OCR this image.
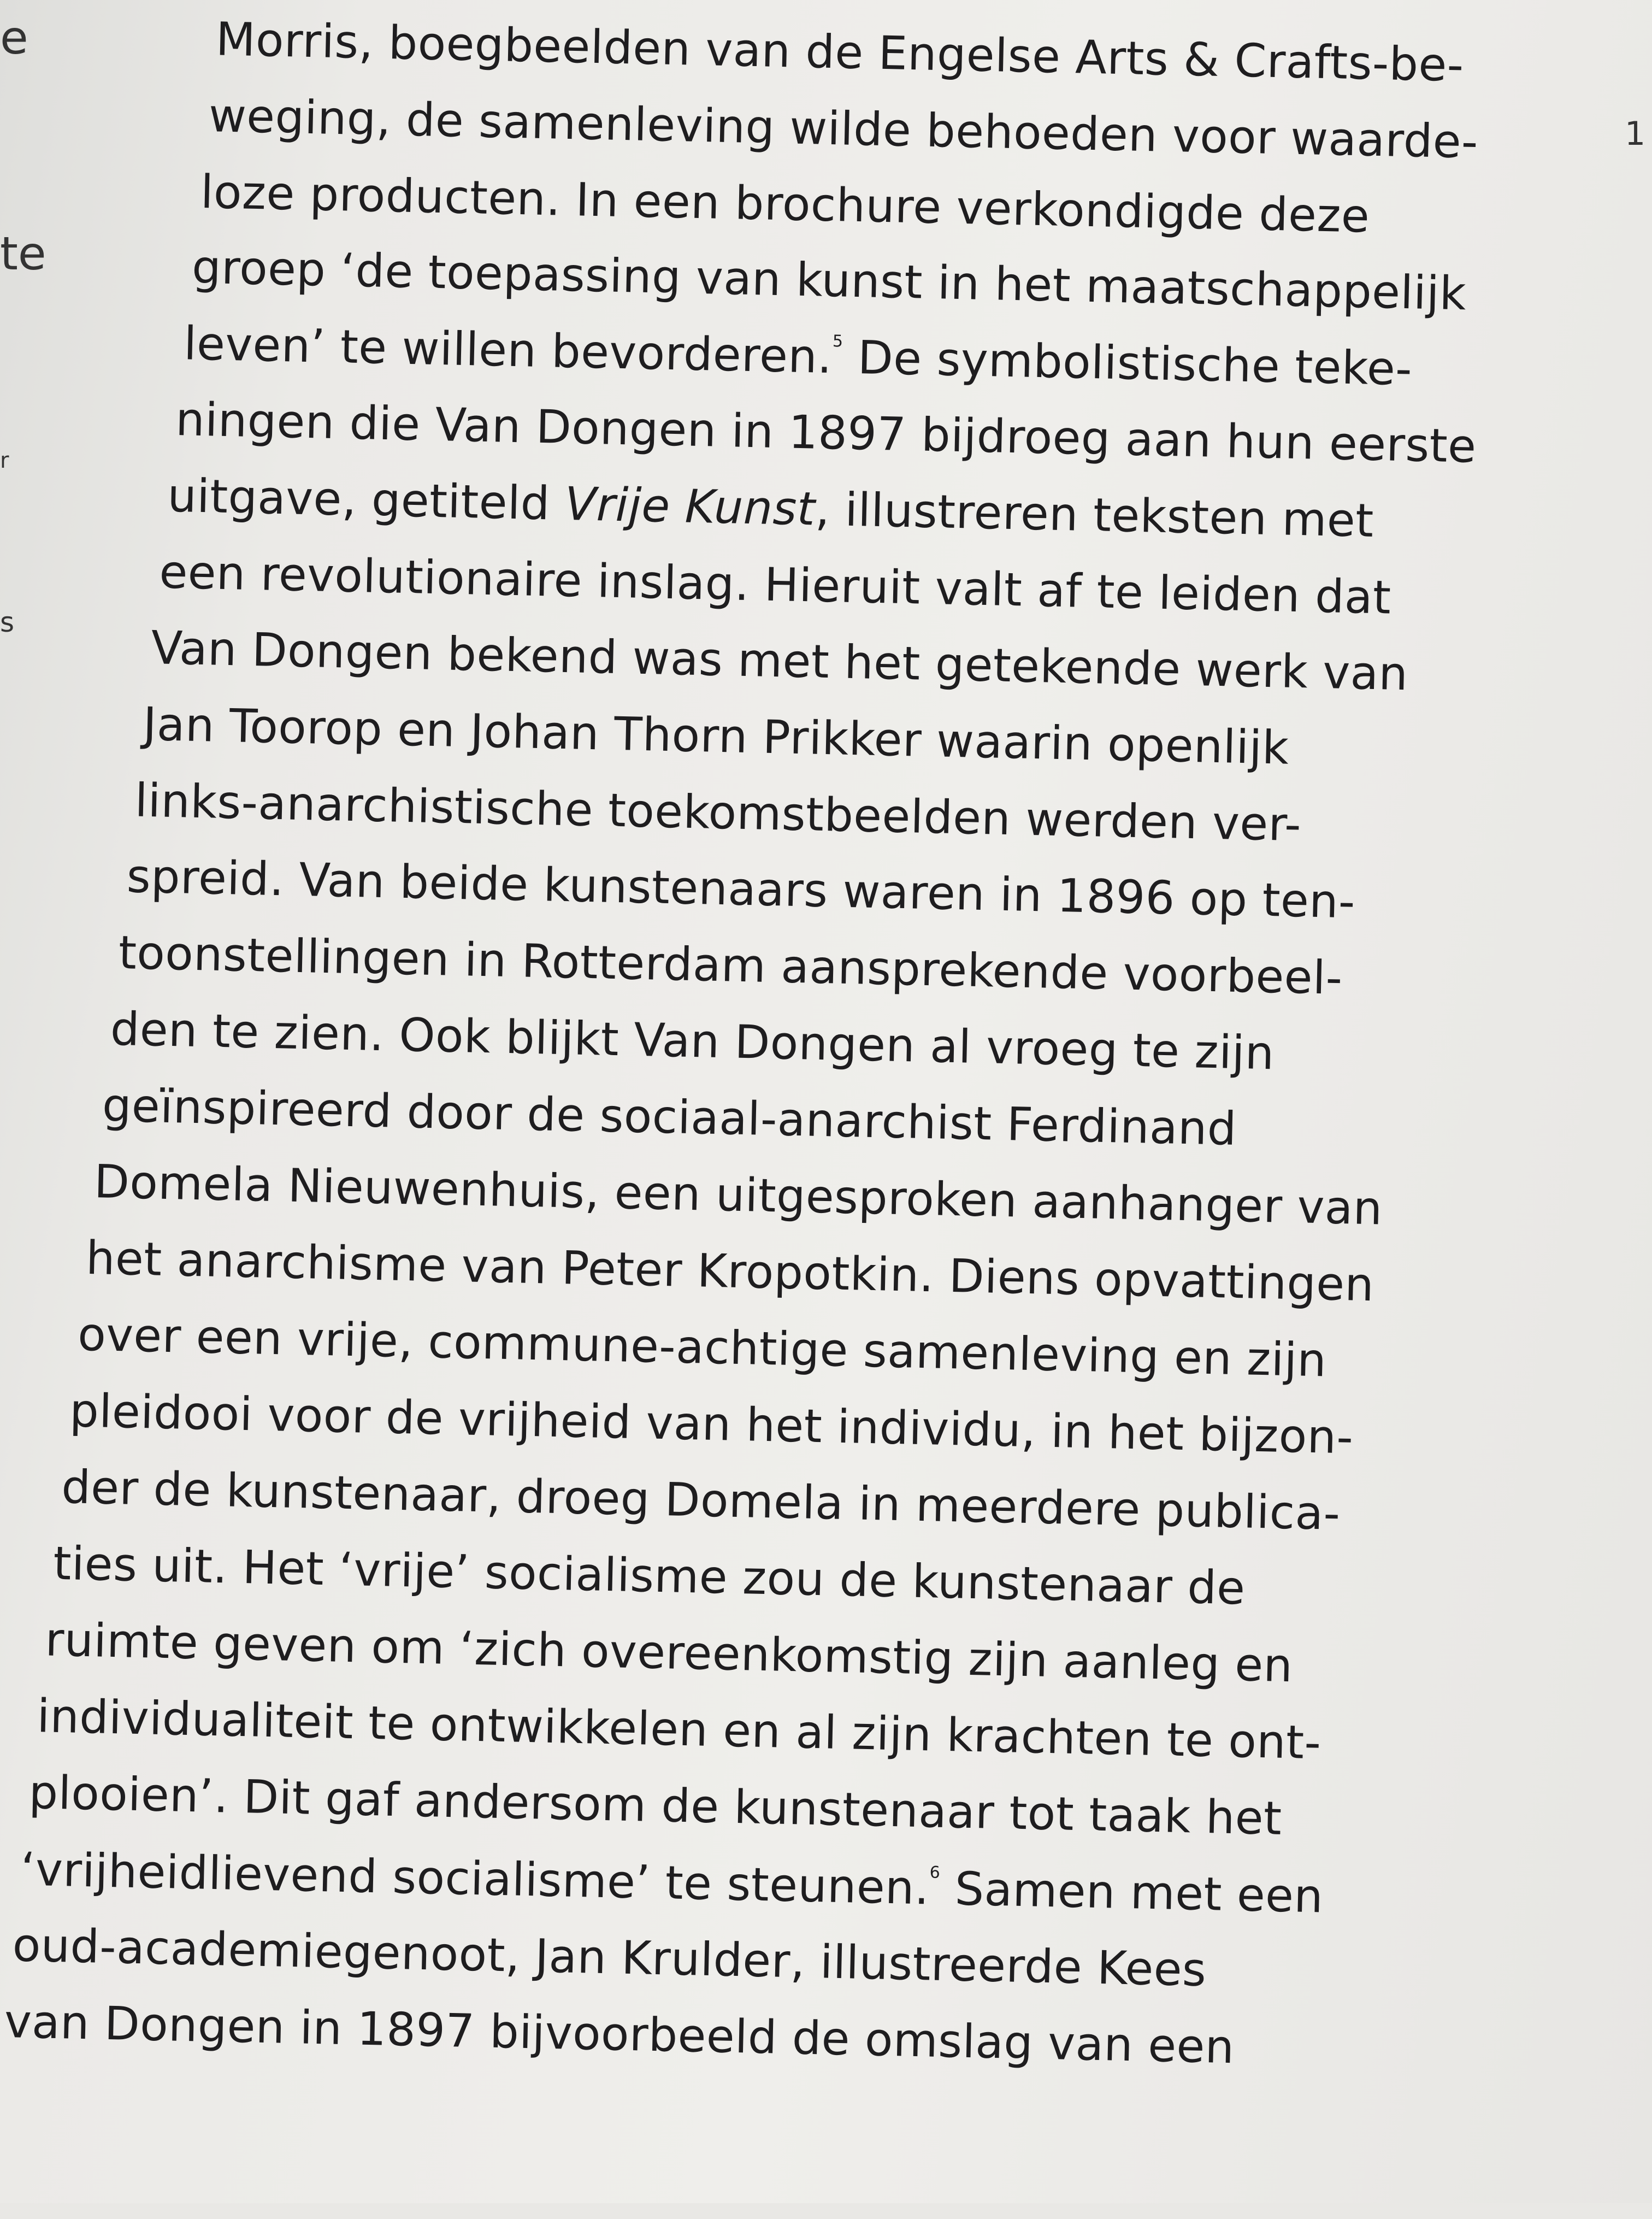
e
te
r
s
1
Morris, boegbeelden van de Engelse Arts & Crafts-be-
weging, de samenleving wilde behoeden voor waarde-
loze producten. In een brochure verkondigde deze
groep ‘de toepassing van kunst in het maatschappelijk
leven’ te willen bevorderen.$^5$ De symbolistische teke-
ningen die Van Dongen in 1897 bijdroeg aan hun eerste
uitgave, getiteld Vrije Kunst, illustreren teksten met
een revolutionaire inslag. Hieruit valt af te leiden dat
Van Dongen bekend was met het getekende werk van
Jan Toorop en Johan Thorn Prikker waarin openlijk
links-anarchistische toekomstbeelden werden ver-
spreid. Van beide kunstenaars waren in 1896 op ten-
toonstellingen in Rotterdam aansprekende voorbeel-
den te zien. Ook blijkt Van Dongen al vroeg te zijn
geïnspireerd door de sociaal-anarchist Ferdinand
Domela Nieuwenhuis, een uitgesproken aanhanger van
het anarchisme van Peter Kropotkin. Diens opvattingen
over een vrije, commune-achtige samenleving en zijn
pleidooi voor de vrijheid van het individu, in het bijzon-
der de kunstenaar, droeg Domela in meerdere publica-
ties uit. Het ‘vrije’ socialisme zou de kunstenaar de
ruimte geven om ‘zich overeenkomstig zijn aanleg en
individualiteit te ontwikkelen en al zijn krachten te ont-
plooien’. Dit gaf andersom de kunstenaar tot taak het
‘vrijheidlievend socialisme’ te steunen.$^6$ Samen met een
oud-academiegenoot, Jan Krulder, illustreerde Kees
van Dongen in 1897 bijvoorbeeld de omslag van een
